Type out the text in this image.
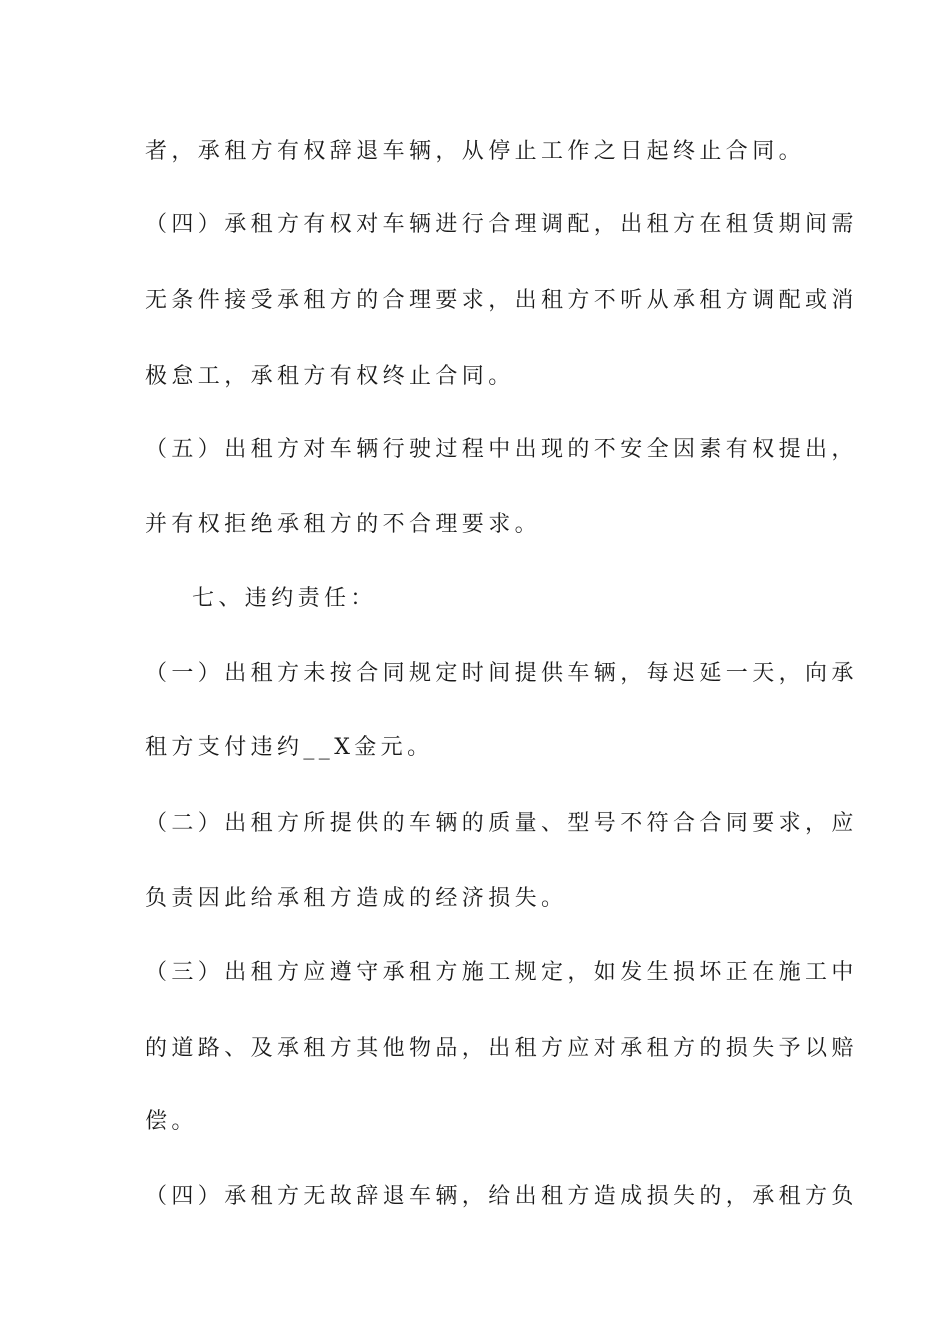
者，承租方有权辞退车辆，从停止工作之日起终止合同。
（四）承租方有权对车辆进行合理调配，出租方在租赁期间需
无条件接受承租方的合理要求，出租方不听从承租方调配或消
极怠工，承租方有权终止合同。
（五）出租方对车辆行驶过程中出现的不安全因素有权提出，
并有权拒绝承租方的不合理要求。
七、违约责任：
（一）出租方未按合同规定时间提供车辆，每迟延一天，向承
租方支付违约__X金元。
（二）出租方所提供的车辆的质量、型号不符合合同要求，应
负责因此给承租方造成的经济损失。
（三）出租方应遵守承租方施工规定，如发生损坏正在施工中
的道路、及承租方其他物品，出租方应对承租方的损失予以赔
偿。
（四）承租方无故辞退车辆，给出租方造成损失的，承租方负
